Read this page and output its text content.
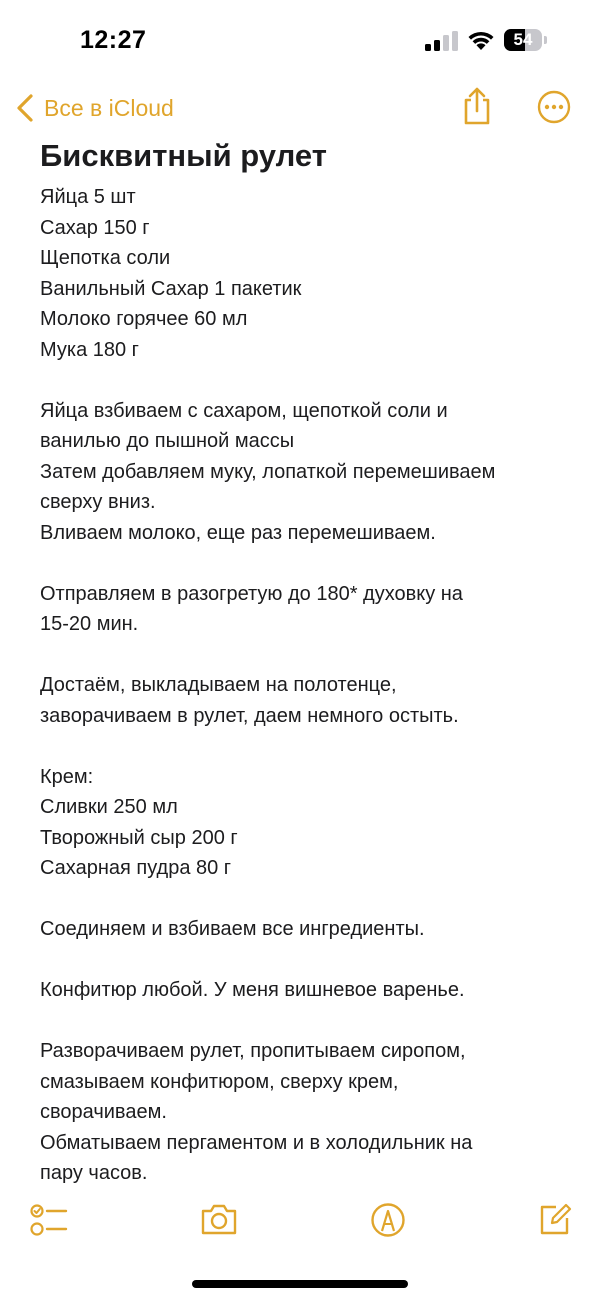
12:27	54
Все в iCloud
Бисквитный рулет
Яйца 5 шт
Сахар 150 г
Щепотка соли
Ванильный Сахар 1 пакетик
Молоко горячее 60 мл
Мука 180 г
Яйца взбиваем с сахаром, щепоткой соли и
ванилью до пышной массы
Затем добавляем муку, лопаткой перемешиваем
сверху вниз.
Вливаем молоко, еще раз перемешиваем.
Отправляем в разогретую до 180* духовку на
15-20 мин.
Достаём, выкладываем на полотенце,
заворачиваем в рулет, даем немного остыть.
Крем:
Сливки 250 мл
Творожный сыр 200 г
Сахарная пудра 80 г
Соединяем и взбиваем все ингредиенты.
Конфитюр любой. У меня вишневое варенье.
Разворачиваем рулет, пропитываем сиропом,
смазываем конфитюром, сверху крем,
сворачиваем.
Обматываем пергаментом и в холодильник на
пару часов.
